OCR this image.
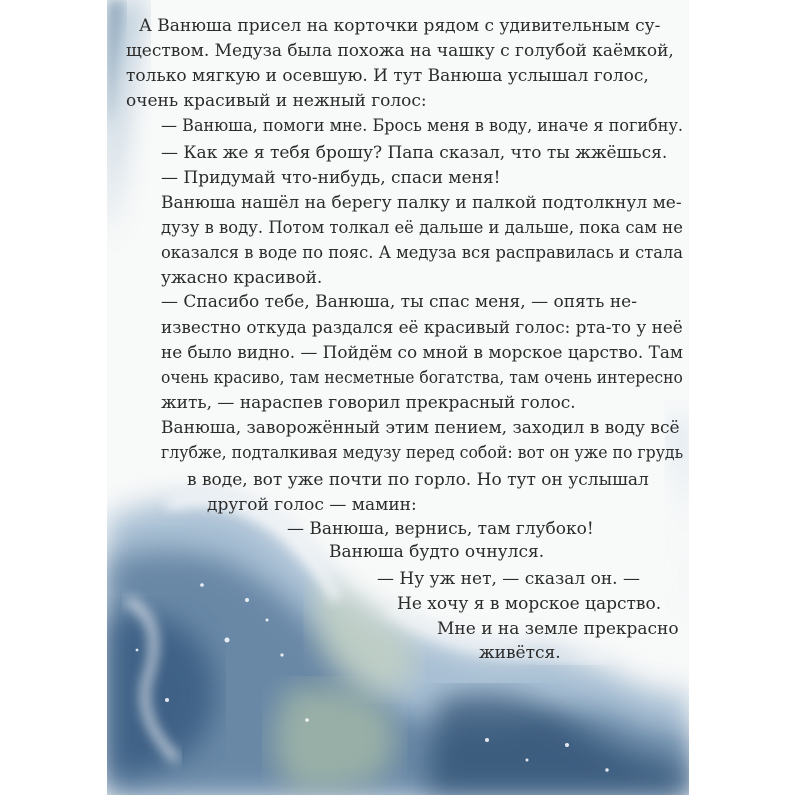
А Ванюша присел на корточки рядом с удивительным су-
ществом. Медуза была похожа на чашку с голубой каёмкой,
только мягкую и осевшую. И тут Ванюша услышал голос,
очень красивый и нежный голос:
— Ванюша, помоги мне. Брось меня в воду, иначе я погибну.
— Как же я тебя брошу? Папа сказал, что ты жжёшься.
— Придумай что-нибудь, спаси меня!
Ванюша нашёл на берегу палку и палкой подтолкнул ме-
дузу в воду. Потом толкал её дальше и дальше, пока сам не
оказался в воде по пояс. А медуза вся расправилась и стала
ужасно красивой.
— Спасибо тебе, Ванюша, ты спас меня, — опять не-
известно откуда раздался её красивый голос: рта-то у неё
не было видно. — Пойдём со мной в морское царство. Там
очень красиво, там несметные богатства, там очень интересно
жить, — нараспев говорил прекрасный голос.
Ванюша, заворожённый этим пением, заходил в воду всё
глубже, подталкивая медузу перед собой: вот он уже по грудь
в воде, вот уже почти по горло. Но тут он услышал
другой голос — мамин:
— Ванюша, вернись, там глубоко!
Ванюша будто очнулся.
— Ну уж нет, — сказал он. —
Не хочу я в морское царство.
Мне и на земле прекрасно
живётся.
